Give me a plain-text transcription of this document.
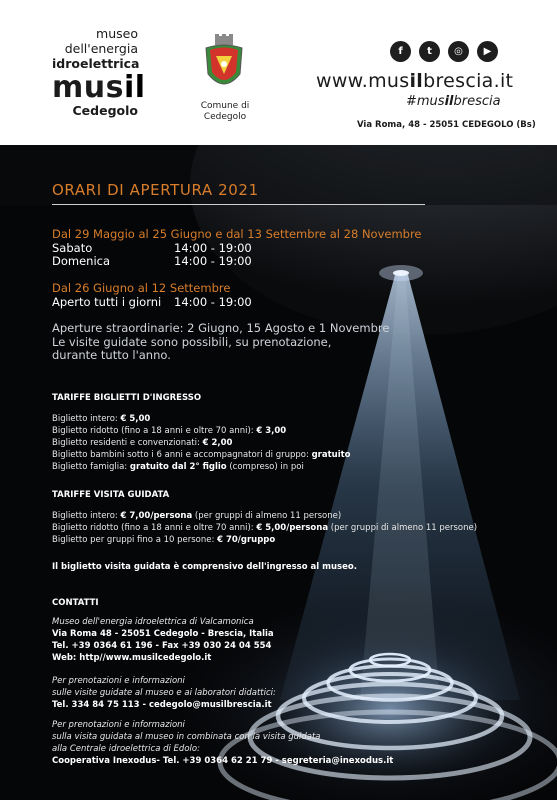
museo
dell'energia
idroelettrica
musil
Cedegolo	Comune di
Cedegolo
f	t	◎	▶
www.musilbrescia.it
#musilbrescia
Via Roma, 48 - 25051 CEDEGOLO (Bs)
ORARI DI APERTURA 2021
Dal 29 Maggio al 25 Giugno e dal 13 Settembre al 28 Novembre
Sabato	14:00 - 19:00
Domenica	14:00 - 19:00
Dal 26 Giugno al 12 Settembre
Aperto tutti i giorni	14:00 - 19:00
Aperture straordinarie: 2 Giugno, 15 Agosto e 1 Novembre
Le visite guidate sono possibili, su prenotazione,
durante tutto l'anno.
TARIFFE BIGLIETTI D'INGRESSO
Biglietto intero: € 5,00
Biglietto ridotto (fino a 18 anni e oltre 70 anni): € 3,00
Biglietto residenti e convenzionati: € 2,00
Biglietto bambini sotto i 6 anni e accompagnatori di gruppo: gratuito
Biglietto famiglia: gratuito dal 2° figlio (compreso) in poi
TARIFFE VISITA GUIDATA
Biglietto intero: € 7,00/persona (per gruppi di almeno 11 persone)
Biglietto ridotto (fino a 18 anni e oltre 70 anni): € 5,00/persona (per gruppi di almeno 11 persone)
Biglietto per gruppi fino a 10 persone: € 70/gruppo
Il biglietto visita guidata è comprensivo dell'ingresso al museo.
CONTATTI
Museo dell'energia idroelettrica di Valcamonica
Via Roma 48 - 25051 Cedegolo - Brescia, Italia
Tel. +39 0364 61 196 - Fax +39 030 24 04 554
Web: http//www.musilcedegolo.it
Per prenotazioni e informazioni
sulle visite guidate al museo e ai laboratori didattici:
Tel. 334 84 75 113 - cedegolo@musilbrescia.it
Per prenotazioni e informazioni
sulla visita guidata al museo in combinata con la visita guidata
alla Centrale idroelettrica di Edolo:
Cooperativa Inexodus- Tel. +39 0364 62 21 79 - segreteria@inexodus.it
